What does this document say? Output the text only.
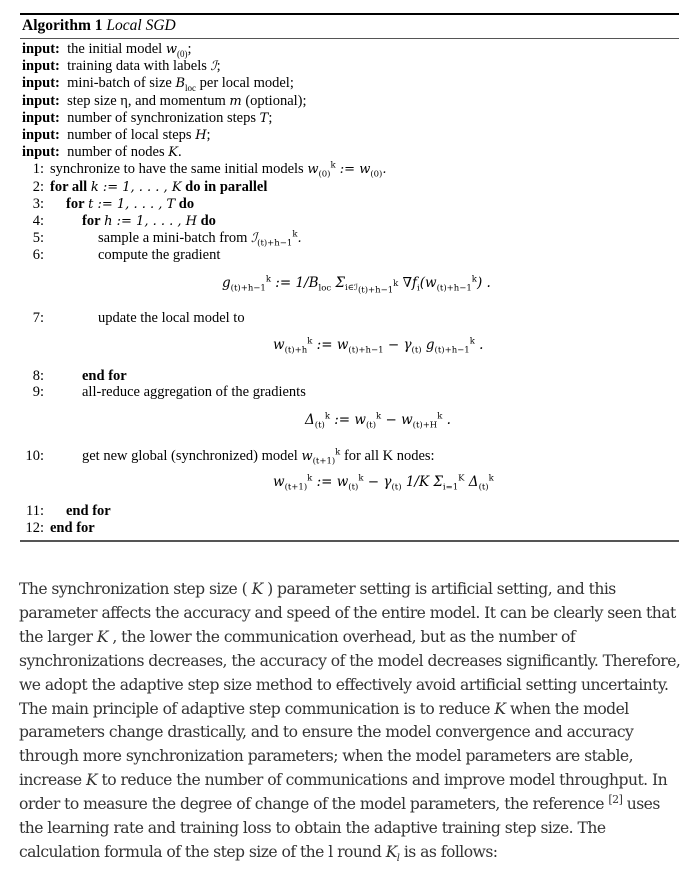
Algorithm 1 Local SGD
input: the initial model $w_{(0)}$;
input: training data with labels ℐ;
input: mini-batch of size $B_{loc}$ per local model;
input: step size η, and momentum m (optional);
input: number of synchronization steps T;
input: number of local steps H;
input: number of nodes K.
1: synchronize to have the same initial models $w_{(0)}^k$ := $w_{(0)}$.
2: for all k := 1, . . . , K do in parallel
3: for t := 1, . . . , T do
4:	for h := 1, . . . , H do
5:	sample a mini-batch from ℐ$_{(t)+h-1}^k$.
6:	compute the gradient
$g_{(t)+h-1}^k$ := $1/B_{loc}$ $\Sigma_{i\in ℐ_{(t)+h-1}^k}$ $\nabla f_i(w_{(t)+h-1}^k)$ .
7:	update the local model to
$w_{(t)+h}^k$ := $w_{(t)+h-1} - \gamma_{(t)}$ $g_{(t)+h-1}^k$ .
8:	end for
9:	all-reduce aggregation of the gradients
$\Delta_{(t)}^k$ := $w_{(t)}^k - w_{(t)+H}^k$ .
10:	get new global (synchronized) model $w_{(t+1)}^k$ for all K nodes:
$w_{(t+1)}^k$ := $w_{(t)}^k - \gamma_{(t)}$ 1/K $\Sigma_{i=1}^K$ $\Delta_{(t)}^k$
11: end for
12: end for
The synchronization step size ( K ) parameter setting is artificial setting, and this parameter affects the accuracy and speed of the entire model. It can be clearly seen that the larger K , the lower the communication overhead, but as the number of synchronizations decreases, the accuracy of the model decreases significantly. Therefore, we adopt the adaptive step size method to effectively avoid artificial setting uncertainty. The main principle of adaptive step communication is to reduce K when the model parameters change drastically, and to ensure the model convergence and accuracy through more synchronization parameters; when the model parameters are stable, increase K to reduce the number of communications and improve model throughput. In order to measure the degree of change of the model parameters, the reference [2] uses the learning rate and training loss to obtain the adaptive training step size. The calculation formula of the step size of the l round $K_l$ is as follows:
